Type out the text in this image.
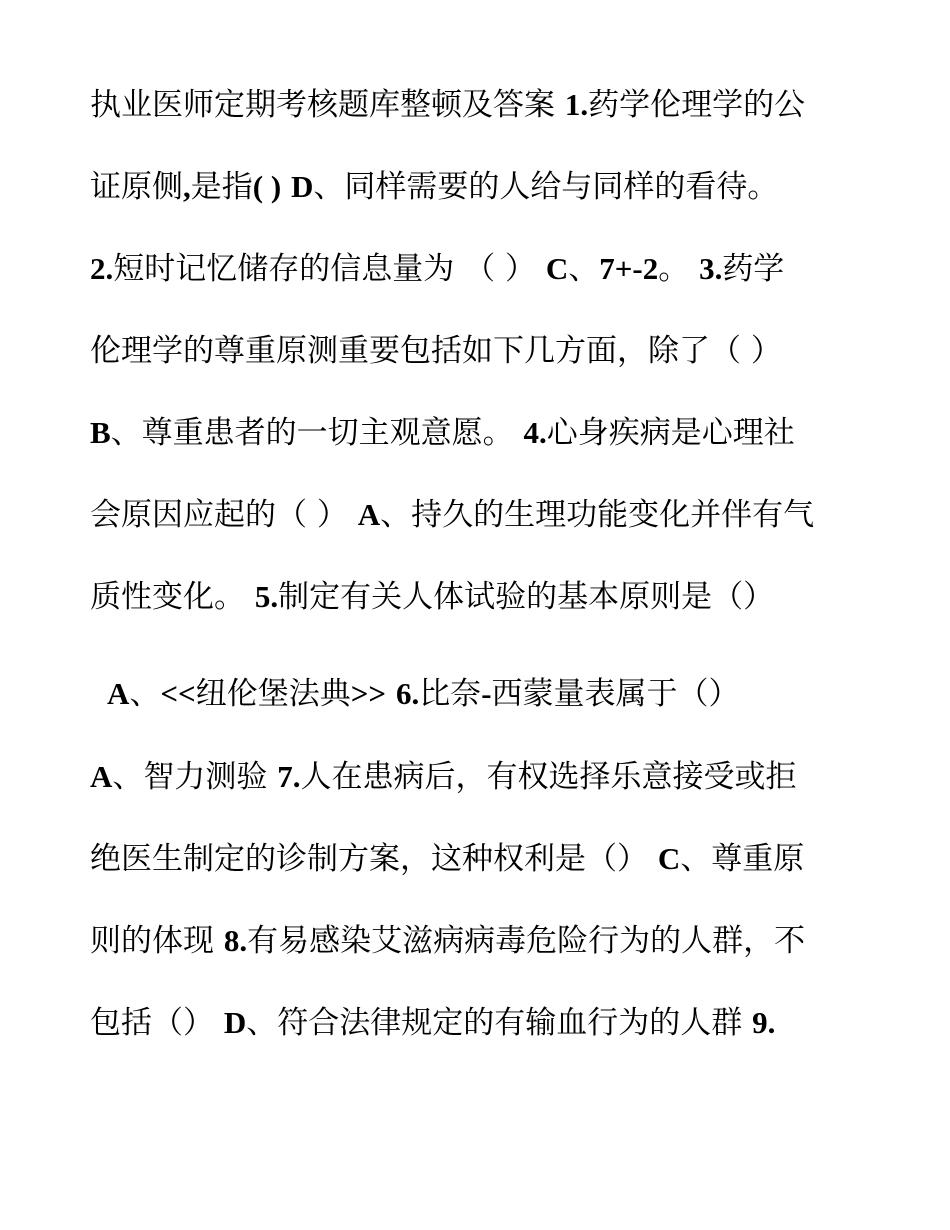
执业医师定期考核题库整顿及答案 1.药学伦理学的公
证原侧,是指( ) D、同样需要的人给与同样的看待。
2.短时记忆储存的信息量为 （ ） C、7+-2。 3.药学
伦理学的尊重原测重要包括如下几方面，除了（ ）
B、尊重患者的一切主观意愿。 4.心身疾病是心理社
会原因应起的（ ） A、持久的生理功能变化并伴有气
质性变化。 5.制定有关人体试验的基本原则是（）
A、<<纽伦堡法典>> 6.比奈-西蒙量表属于（）
A、智力测验 7.人在患病后，有权选择乐意接受或拒
绝医生制定的诊制方案，这种权利是（） C、尊重原
则的体现 8.有易感染艾滋病病毒危险行为的人群，不
包括（） D、符合法律规定的有输血行为的人群 9.
